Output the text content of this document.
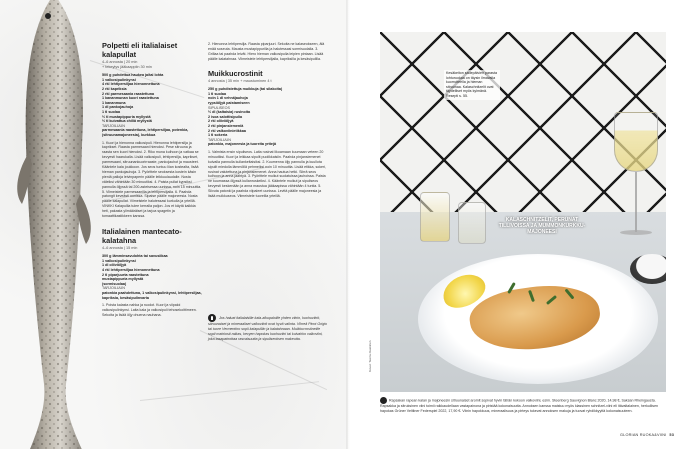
Polpetti eli italialaiset kalapullat
4–6 annosta | 20 min
+ tekeytys jääkaappiin 30 min
500 g puhdettua haukea ja/tai lohta
1 valkosipulinkynsi
4 rkl lehtipersiljaa hienonnettuna
2 rkl kapriksia
2 rkl parmesaania raastettuna
1 kananmunan kuori raastettuna
1 kananmuna
1 dl pankojauhoja
1 tl suolaa
½ tl mustapippuria myllystä
½ tl kuivattua chiliä myllystä
TARJOILUUN
parmesaania raastettuna, lehtipersiljaa, potenkia, (sitruunamajoneesia), kurkkua

1. Kuori ja hienonna valkosipuli. Hienonna lehtipersilja ja kaprikset. Raasta parmesaani hienoksi. Pese sitruuna ja raasta sen kuori hienoksi. 2. Riko muna kulhoon ja vatkaa se kevyesti haarukalla. Lisää valkosipuli, lehtipersilja, kaprikset, parmesaani, sitruunankuorirraaste, pankojauhot ja mausteet. Kääntele kala joukkoon. Jos seos tuntuu liian kostealta, lisää hieman pankojauhoja. 3. Pyörittele seoksesta kostein käsin pieniä palloja leivinpaperin päälle leikkuulaudalle. Nosta väleiksi vähintään 30 minuutiksi. 4. Paista pullat kypsiksi pannulla öljyssä tai 200-asteisessa uunissa, noin 15 minuuttia. 5. Viimeistele parmesaanilla ja lehtipersiljalla. 6. Paahda patongit keveästi uunissa. Sipaise päälle majoneesia. Nosta päälle kalapullat. Viimeistele halutessasi kurkulla ja yrteillä. VINKKI Kalapullia tulee kerralla paljon. Jos et käytä kaikkia heti, pakasta ylimääräiset ja tarjoa spagetin ja tomaattikastikkeen kanssa.

Italialainen mantecato-kalatahna
4–6 annosta | 15 min
300 g lämminsavulohta tai savusiikaa
1 valkosipulinkynsi
1 dl oliiviöljyä
4 rkl lehtipersiljaa hienonnettuna
2 tl piparjuurta raastettuna
mustapippuria myllystä
(sormisuolaa)
TARJOILUUN
patonkia paahdettuna, 1 valkosipulinkynsi, lehtipersiljaa, kapriksia, kesäsipulinvarta

1. Poista kalasta nahka ja ruodot. Kuori ja viipaloi valkosipulinkynsi. Laita kala ja valkosipuli tehosekoittimeen. Sekoita ja lisää öljy ohuena nauhana.

2. Hienonna lehtipersilja. Raasta piparjuuri. Sekoita ne kalaseokseen, älä enää soseuta. Mausta mustapippurilla ja halutessasi sormisuolalla. 3. Grillaa tai paahda leivät. Hiero hieman valkosipulia leipien pintaan. Lisää päälle kalatahnaa. Viimeistele lehtipersiljalla, kapriksilla ja kesäsipulilla.

Muikkucrostinit
4 annosta | 35 min + maustuminen 4 t
250 g puhdistettuja muikkuja (tai silakoita)
1 tl suolaa
noin 1 dl vehnäjauhoja
rypsiöljyä paistamiseen
SIPULISEOS
½ dl (kaltaisia) rusinoita
2 isoa salottisipulia
2 rkl oliiviöljyä
2 rkl pinjansiemeniä
2 rkl valkoviinietikkaa
1 tl sokeria
TARJOILUUN
patonkia, majoneesia ja tuoreita yrttejä

1. Valmista ensin sipuliseos. Laita rusinat likoamaan kuumaan veteen 20 minuutiksi. Kuori ja leikkaa sipulit puolikkaisiin. Paahda pinjansiemenet kuivalla pannulla kullankeltaisiksi. 2. Kuumenna öljy pannulla ja kuullota sipulit miedolla lämmöllä pehmeiksi noin 10 minuuttia. Lisää etikka, sokeri, rusinat valutettuna ja pinjansiemenet. Anna hautua hetki. Siirrä seos kulhoon ja anna jäähtyä. 3. Pyörittele muikut suolatuissa jauhoissa. Paista ne kuumassa öljyssä kullanruskeiksi. 4. Kääntele muikut ja sipuliseos kevyesti keskenään ja anna maustua jääkaapissa vähintään 4 tuntia. 5. Siivuta patonki ja paahda viipaleet uunissa. Levitä päälle majoneesia ja lisää muikkuseos. Viimeistele tuoreilla yrteillä.

Jos haluat italialaisille kala-alkupaloille yhden viinin, kuohuviinit, sitruunaiset ja mineraaliset valkoviinit ovat hyvä valinta. Vihreä Pinot Grigio tai tuore Vermentino sopii kalapulliin ja kalatahnaan. Muikkucrostineille sopii mainiosti raikas, kevyen hapokas kuohuviini tai kuivahko valkoviini, joka tasapainottaa rasvaisuutta ja sipuliseoksen makeutta.
Kesäkeiton sadepäivien parasta lohturuokaa on täysin ilmavalla kuorrutteella ja hieman sitruunaa. Kalaschnitzelit ovat täydelliset myös kylmänä. Resepti s. 55.
KALASCHNITZELIT, PERUNAT TILLIVOISSA JA MUMMONKURKKU-MAJONEESI
Kuvat: Teemu Kaskinen
Rapsakan rapean kalan ja majoneesin sitruunaiset aromit sopivat hyvin tähän kokoon valkoviini, esim. Steenberg Sauvignon Blanc 2020, 14,98 €, Saksan Rheingausta. Rapsakka ja sitruksinen viini toimii raikkaudellaan vastapainona ja piristää kokonaisuutta. Annoksen kanssa maistuu myös klassinen schnitzel-viini eli itävaltalainen, herkullisen hapokas Grüner Veltliner Federspiel 2022, 17,90 €. Viinin hapokkuus, mineraalisuus ja pirteys tukevat annoksen makuja ja tuovat ryhdikkyyttä kokonaisuuteen.
GLORIAN RUOKA&VIINI 53
